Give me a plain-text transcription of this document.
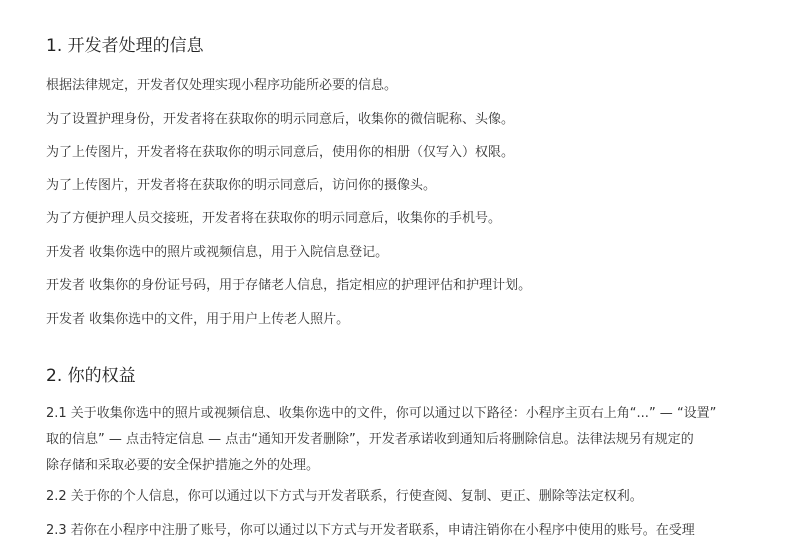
1. 开发者处理的信息
根据法律规定，开发者仅处理实现小程序功能所必要的信息。
为了设置护理身份，开发者将在获取你的明示同意后，收集你的微信昵称、头像。
为了上传图片，开发者将在获取你的明示同意后，使用你的相册（仅写入）权限。
为了上传图片，开发者将在获取你的明示同意后，访问你的摄像头。
为了方便护理人员交接班，开发者将在获取你的明示同意后，收集你的手机号。
开发者 收集你选中的照片或视频信息，用于入院信息登记。
开发者 收集你的身份证号码，用于存储老人信息，指定相应的护理评估和护理计划。
开发者 收集你选中的文件，用于用户上传老人照片。
2. 你的权益
2.1 关于收集你选中的照片或视频信息、收集你选中的文件，你可以通过以下路径：小程序主页右上角“...” — “设置”
取的信息” — 点击特定信息 — 点击“通知开发者删除”，开发者承诺收到通知后将删除信息。法律法规另有规定的
除存储和采取必要的安全保护措施之外的处理。
2.2 关于你的个人信息，你可以通过以下方式与开发者联系，行使查阅、复制、更正、删除等法定权利。
2.3 若你在小程序中注册了账号，你可以通过以下方式与开发者联系，申请注销你在小程序中使用的账号。在受理
